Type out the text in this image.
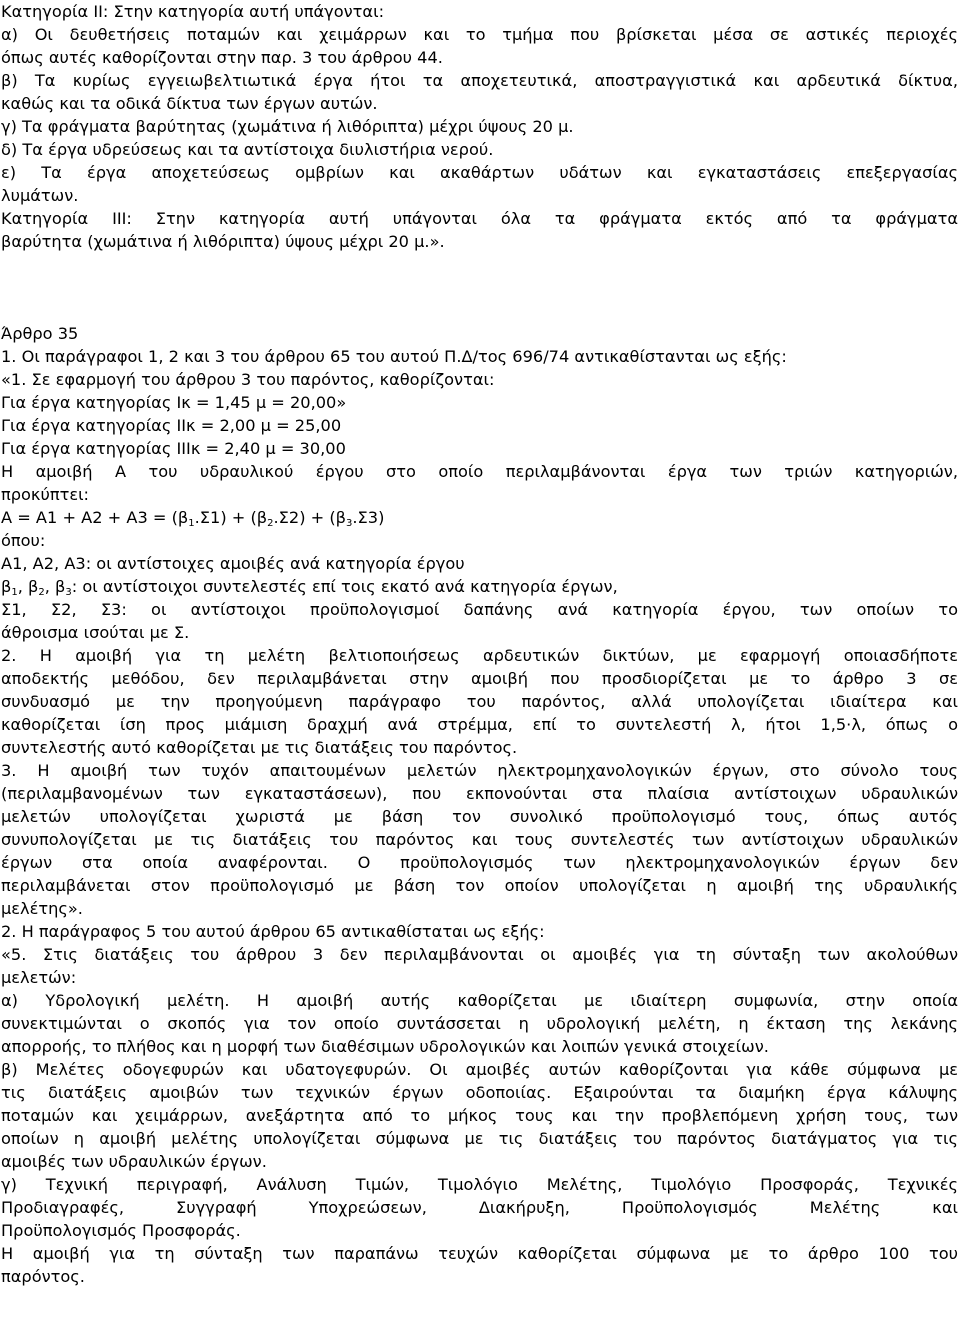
Κατηγορία ΙΙ: Στην κατηγορία αυτή υπάγονται:
α) Οι δευθετήσεις ποταμών και χειμάρρων και το τμήμα που βρίσκεται μέσα σε αστικές περιοχές
όπως αυτές καθορίζονται στην παρ. 3 του άρθρου 44.
β) Τα κυρίως εγγειωβελτιωτικά έργα ήτοι τα αποχετευτικά, αποστραγγιστικά και αρδευτικά δίκτυα,
καθώς και τα οδικά δίκτυα των έργων αυτών.
γ) Τα φράγματα βαρύτητας (χωμάτινα ή λιθόριπτα) μέχρι ύψους 20 μ.
δ) Τα έργα υδρεύσεως και τα αντίστοιχα διυλιστήρια νερού.
ε) Τα έργα αποχετεύσεως ομβρίων και ακαθάρτων υδάτων και εγκαταστάσεις επεξεργασίας
λυμάτων.
Κατηγορία ΙΙΙ: Στην κατηγορία αυτή υπάγονται όλα τα φράγματα εκτός από τα φράγματα
βαρύτητα (χωμάτινα ή λιθόριπτα) ύψους μέχρι 20 μ.».
Άρθρο 35
1. Οι παράγραφοι 1, 2 και 3 του άρθρου 65 του αυτού Π.Δ/τος 696/74 αντικαθίστανται ως εξής:
«1. Σε εφαρμογή του άρθρου 3 του παρόντος, καθορίζονται:
Για έργα κατηγορίας Ικ = 1,45 μ = 20,00»
Για έργα κατηγορίας ΙΙκ = 2,00 μ = 25,00
Για έργα κατηγορίας ΙΙΙκ = 2,40 μ = 30,00
Η αμοιβή Α του υδραυλικού έργου στο οποίο περιλαμβάνονται έργα των τριών κατηγοριών,
προκύπτει:
$A = A1 + A2 + A3 = (\beta_1.\Sigma 1) + (\beta_2.\Sigma 2) + (\beta_3.\Sigma 3)$
όπου:
Α1, Α2, Α3: οι αντίστοιχες αμοιβές ανά κατηγορία έργου
$\beta_1$, $\beta_2$, $\beta_3$: οι αντίστοιχοι συντελεστές επί τοις εκατό ανά κατηγορία έργων,
Σ1, Σ2, Σ3: οι αντίστοιχοι προϋπολογισμοί δαπάνης ανά κατηγορία έργου, των οποίων το
άθροισμα ισούται με Σ.
2. Η αμοιβή για τη μελέτη βελτιοποιήσεως αρδευτικών δικτύων, με εφαρμογή οποιασδήποτε
αποδεκτής μεθόδου, δεν περιλαμβάνεται στην αμοιβή που προσδιορίζεται με το άρθρο 3 σε
συνδυασμό με την προηγούμενη παράγραφο του παρόντος, αλλά υπολογίζεται ιδιαίτερα και
καθορίζεται ίση προς μιάμιση δραχμή ανά στρέμμα, επί το συντελεστή λ, ήτοι 1,5·λ, όπως ο
συντελεστής αυτό καθορίζεται με τις διατάξεις του παρόντος.
3. Η αμοιβή των τυχόν απαιτουμένων μελετών ηλεκτρομηχανολογικών έργων, στο σύνολο τους
(περιλαμβανομένων των εγκαταστάσεων), που εκπονούνται στα πλαίσια αντίστοιχων υδραυλικών
μελετών υπολογίζεται χωριστά με βάση τον συνολικό προϋπολογισμό τους, όπως αυτός
συνυπολογίζεται με τις διατάξεις του παρόντος και τους συντελεστές των αντίστοιχων υδραυλικών
έργων στα οποία αναφέρονται. Ο προϋπολογισμός των ηλεκτρομηχανολογικών έργων δεν
περιλαμβάνεται στον προϋπολογισμό με βάση τον οποίον υπολογίζεται η αμοιβή της υδραυλικής
μελέτης».
2. Η παράγραφος 5 του αυτού άρθρου 65 αντικαθίσταται ως εξής:
«5. Στις διατάξεις του άρθρου 3 δεν περιλαμβάνονται οι αμοιβές για τη σύνταξη των ακολούθων
μελετών:
α) Υδρολογική μελέτη. Η αμοιβή αυτής καθορίζεται με ιδιαίτερη συμφωνία, στην οποία
συνεκτιμώνται ο σκοπός για τον οποίο συντάσσεται η υδρολογική μελέτη, η έκταση της λεκάνης
απορροής, το πλήθος και η μορφή των διαθέσιμων υδρολογικών και λοιπών γενικά στοιχείων.
β) Μελέτες οδογεφυρών και υδατογεφυρών. Οι αμοιβές αυτών καθορίζονται για κάθε σύμφωνα με
τις διατάξεις αμοιβών των τεχνικών έργων οδοποιίας. Εξαιρούνται τα διαμήκη έργα κάλυψης
ποταμών και χειμάρρων, ανεξάρτητα από το μήκος τους και την προβλεπόμενη χρήση τους, των
οποίων η αμοιβή μελέτης υπολογίζεται σύμφωνα με τις διατάξεις του παρόντος διατάγματος για τις
αμοιβές των υδραυλικών έργων.
γ) Τεχνική περιγραφή, Ανάλυση Τιμών, Τιμολόγιο Μελέτης, Τιμολόγιο Προσφοράς, Τεχνικές
Προδιαγραφές, Συγγραφή Υποχρεώσεων, Διακήρυξη, Προϋπολογισμός Μελέτης και
Προϋπολογισμός Προσφοράς.
Η αμοιβή για τη σύνταξη των παραπάνω τευχών καθορίζεται σύμφωνα με το άρθρο 100 του
παρόντος.
